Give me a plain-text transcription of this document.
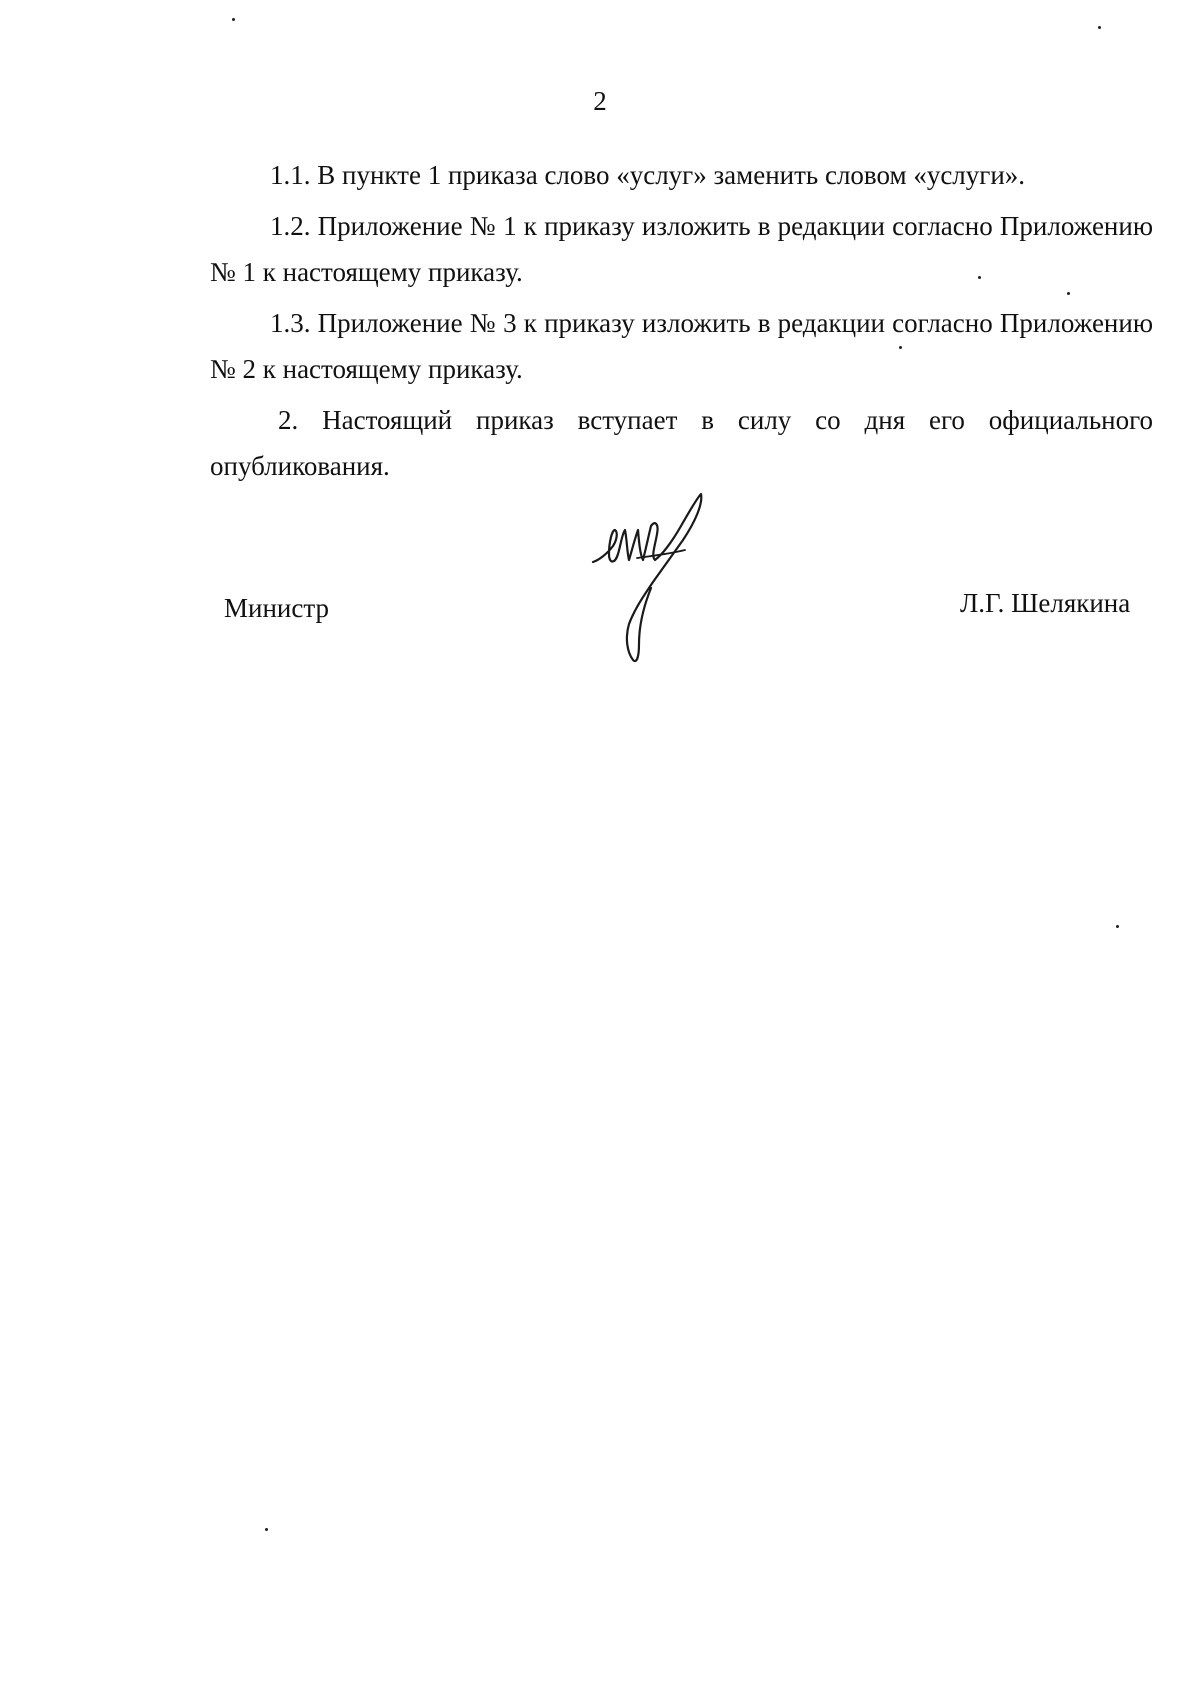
2

1.1. В пункте 1 приказа слово «услуг» заменить словом «услуги».

1.2. Приложение № 1 к приказу изложить в редакции согласно Приложению № 1 к настоящему приказу.

1.3. Приложение № 3 к приказу изложить в редакции согласно Приложению № 2 к настоящему приказу.

2. Настоящий приказ вступает в силу со дня его официального опубликования.

Министр	Л.Г. Шелякина
